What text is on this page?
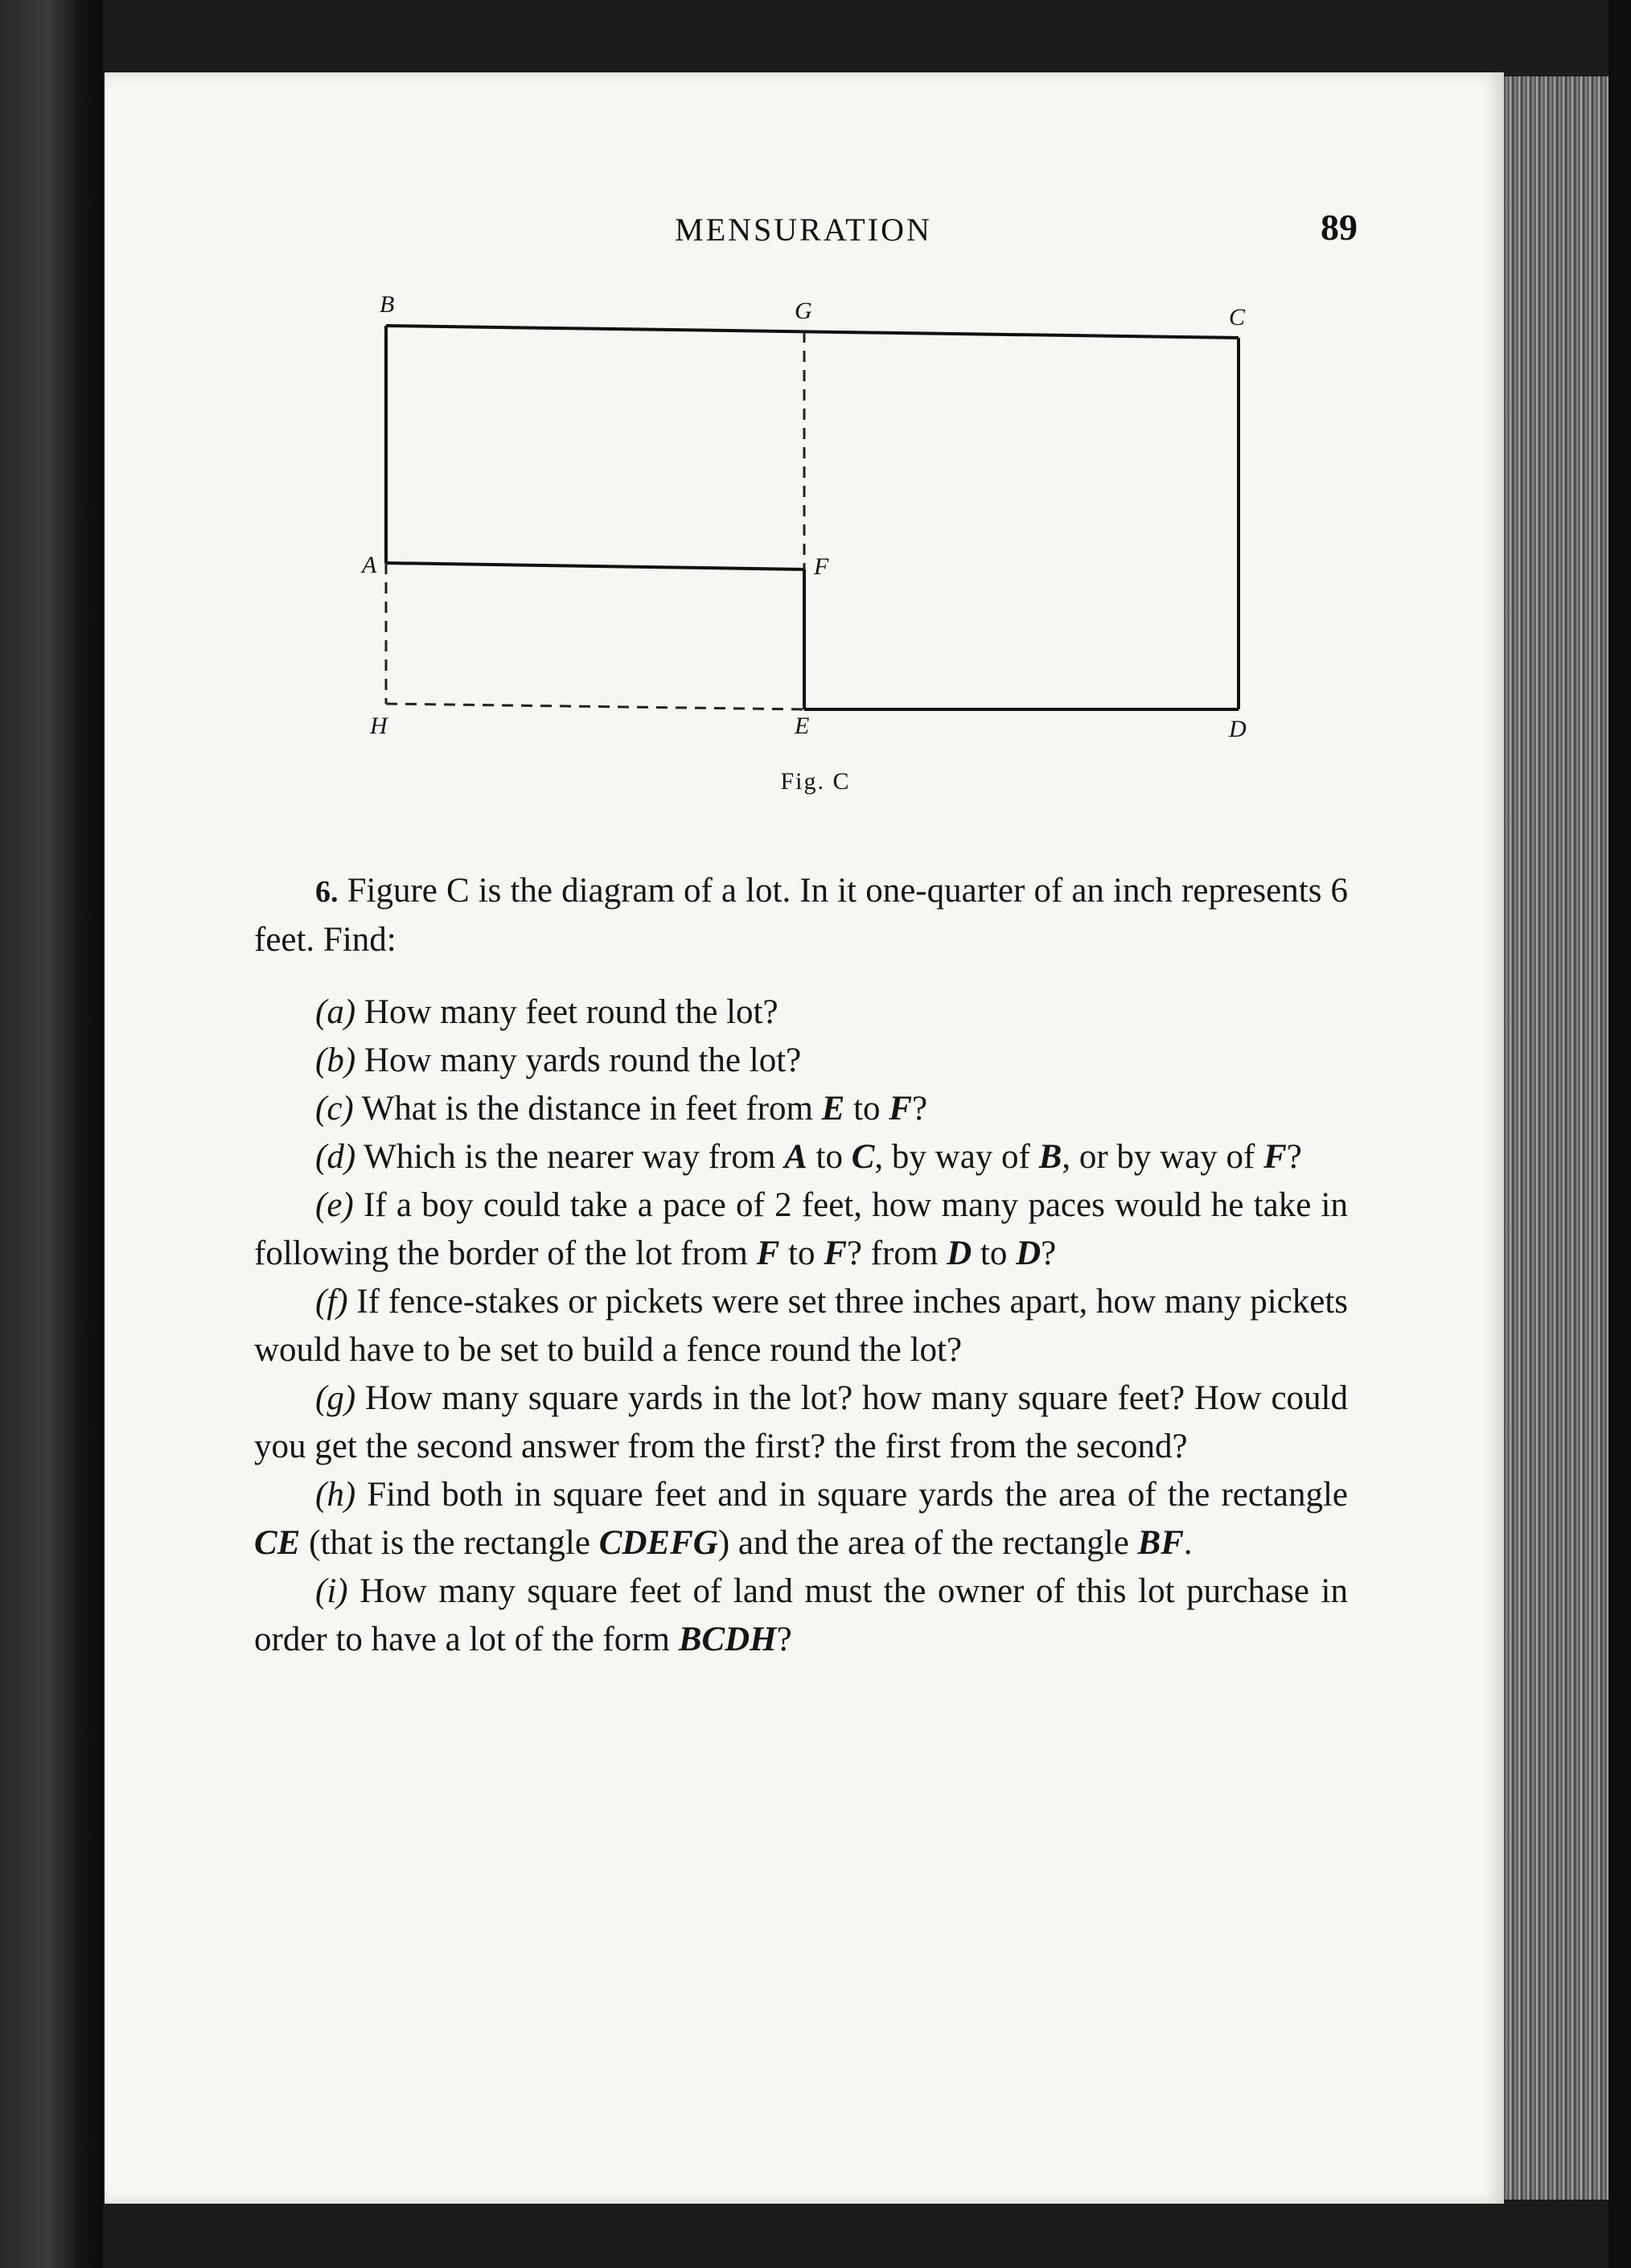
MENSURATION	89
B	G	C
A	F
H	E	D
Fig. C

6. Figure C is the diagram of a lot. In it one-quarter of an inch represents 6 feet. Find:

(a) How many feet round the lot?

(b) How many yards round the lot?

(c) What is the distance in feet from E to F?

(d) Which is the nearer way from A to C, by way of B, or by way of F?

(e) If a boy could take a pace of 2 feet, how many paces would he take in following the border of the lot from F to F? from D to D?

(f) If fence-stakes or pickets were set three inches apart, how many pickets would have to be set to build a fence round the lot?

(g) How many square yards in the lot? how many square feet? How could you get the second answer from the first? the first from the second?

(h) Find both in square feet and in square yards the area of the rectangle CE (that is the rectangle CDEFG) and the area of the rectangle BF.

(i) How many square feet of land must the owner of this lot purchase in order to have a lot of the form BCDH?
